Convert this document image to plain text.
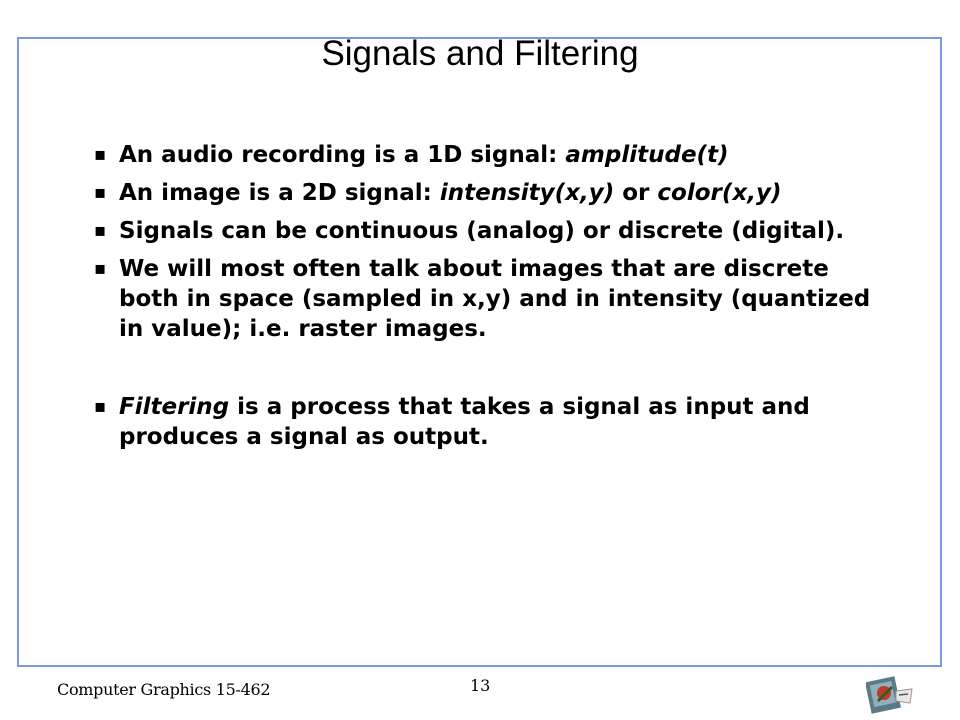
Signals and Filtering
▪ An audio recording is a 1D signal: amplitude(t)
▪ An image is a 2D signal: intensity(x,y) or color(x,y)
▪ Signals can be continuous (analog) or discrete (digital).
▪ We will most often talk about images that are discrete both in space (sampled in x,y) and in intensity (quantized in value); i.e. raster images.
▪ Filtering is a process that takes a signal as input and produces a signal as output.
Computer Graphics 15-462	13
